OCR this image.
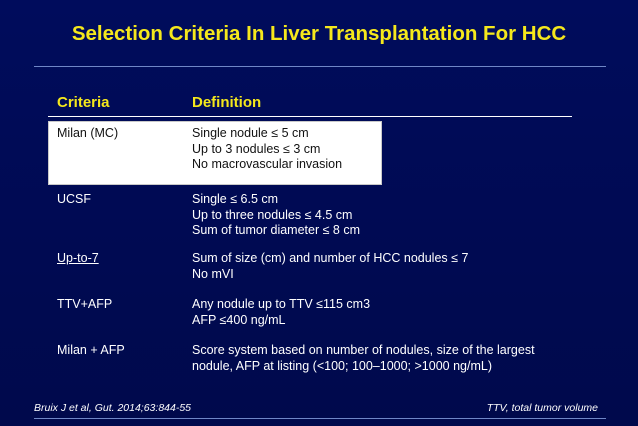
Selection Criteria In Liver Transplantation For HCC
Criteria	Definition
Milan (MC)	Single nodule ≤ 5 cm
Up to 3 nodules ≤ 3 cm
No macrovascular invasion
UCSF	Single ≤ 6.5 cm
Up to three nodules ≤ 4.5 cm
Sum of tumor diameter ≤ 8 cm
Up-to-7	Sum of size (cm) and number of HCC nodules ≤ 7
No mVI
TTV+AFP	Any nodule up to TTV ≤115 cm3
AFP ≤400 ng/mL
Milan + AFP	Score system based on number of nodules, size of the largest
nodule, AFP at listing (<100; 100–1000; >1000 ng/mL)
Bruix J et al, Gut. 2014;63:844-55	TTV, total tumor volume
